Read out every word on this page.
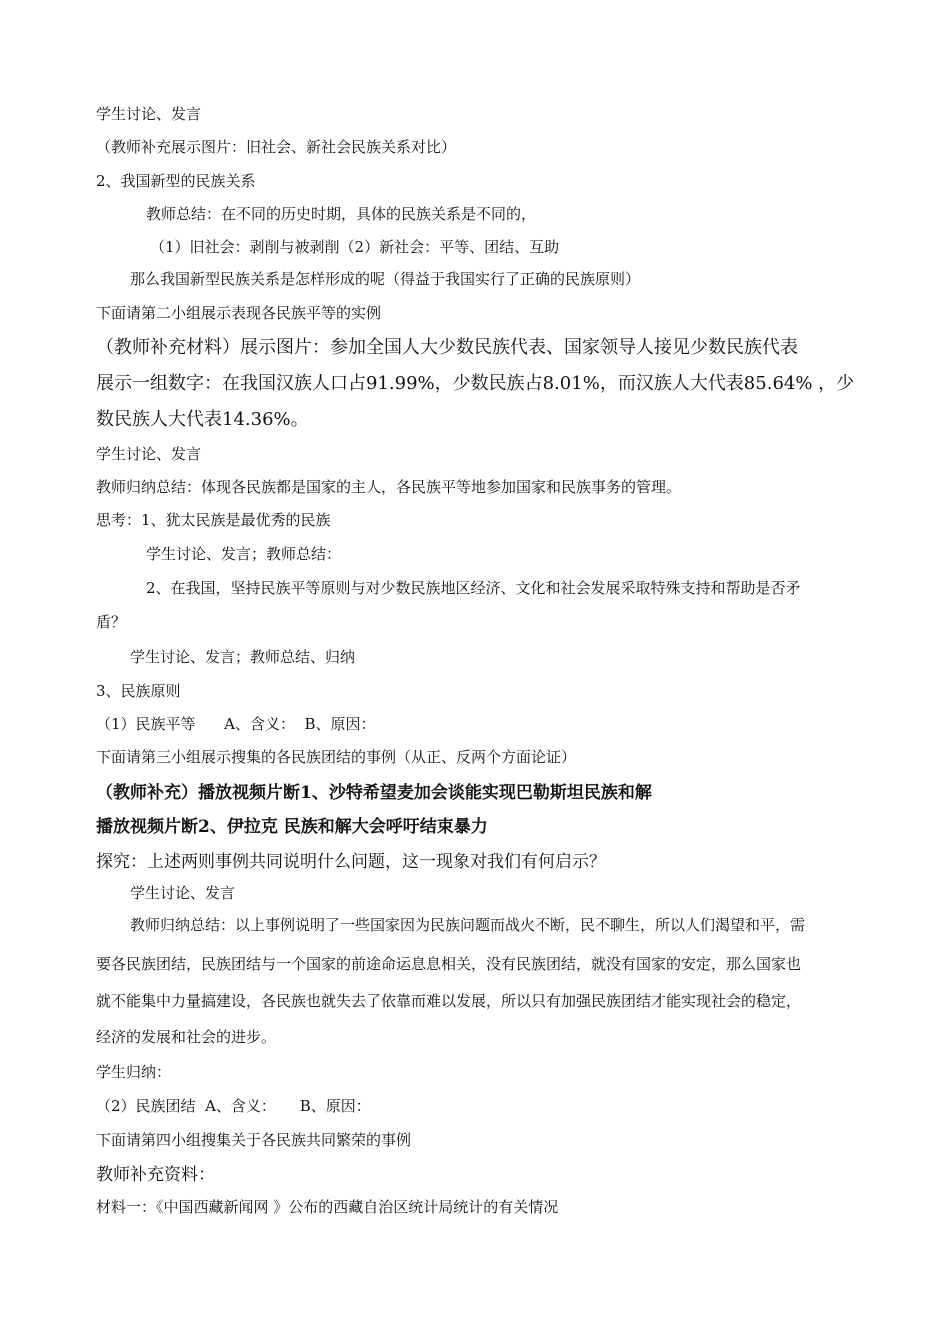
学生讨论、发言
（教师补充展示图片：旧社会、新社会民族关系对比）
2、我国新型的民族关系
教师总结：在不同的历史时期，具体的民族关系是不同的，
（1）旧社会：剥削与被剥削（2）新社会：平等、团结、互助
那么我国新型民族关系是怎样形成的呢（得益于我国实行了正确的民族原则）
下面请第二小组展示表现各民族平等的实例
（教师补充材料）展示图片：参加全国人大少数民族代表、国家领导人接见少数民族代表
展示一组数字：在我国汉族人口占91.99%，少数民族占8.01%，而汉族人大代表85.64% ，少
数民族人大代表14.36%。
学生讨论、发言
教师归纳总结：体现各民族都是国家的主人，各民族平等地参加国家和民族事务的管理。
思考：1、犹太民族是最优秀的民族
学生讨论、发言；教师总结：
2、在我国，坚持民族平等原则与对少数民族地区经济、文化和社会发展采取特殊支持和帮助是否矛
盾？
学生讨论、发言；教师总结、归纳
3、民族原则
（1）民族平等      A、含义：  B、原因：
下面请第三小组展示搜集的各民族团结的事例（从正、反两个方面论证）
（教师补充）播放视频片断1、沙特希望麦加会谈能实现巴勒斯坦民族和解
播放视频片断2、伊拉克 民族和解大会呼吁结束暴力
探究：上述两则事例共同说明什么问题，这一现象对我们有何启示？
学生讨论、发言
教师归纳总结：以上事例说明了一些国家因为民族问题而战火不断，民不聊生，所以人们渴望和平，需
要各民族团结，民族团结与一个国家的前途命运息息相关，没有民族团结，就没有国家的安定，那么国家也
就不能集中力量搞建设，各民族也就失去了依靠而难以发展，所以只有加强民族团结才能实现社会的稳定，
经济的发展和社会的进步。
学生归纳：
（2）民族团结  A、含义：     B、原因：
下面请第四小组搜集关于各民族共同繁荣的事例
教师补充资料：
材料一：《中国西藏新闻网 》公布的西藏自治区统计局统计的有关情况
